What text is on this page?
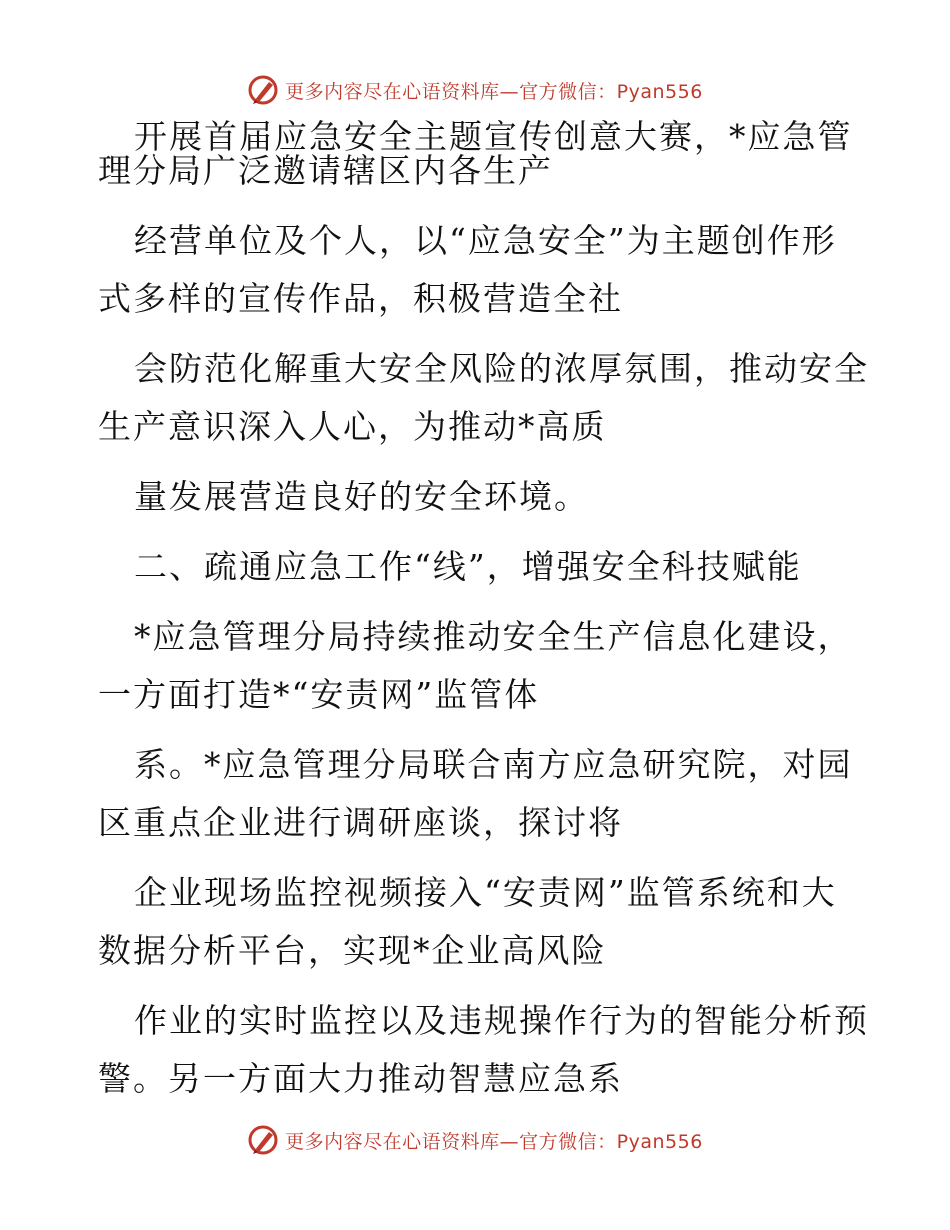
更多内容尽在心语资料库—官方微信：Pyan556

开展首届应急安全主题宣传创意大赛，*应急管

理分局广泛邀请辖区内各生产

经营单位及个人，以“应急安全”为主题创作形

式多样的宣传作品，积极营造全社

会防范化解重大安全风险的浓厚氛围，推动安全

生产意识深入人心，为推动*高质

量发展营造良好的安全环境。

二、疏通应急工作“线”，增强安全科技赋能

*应急管理分局持续推动安全生产信息化建设，

一方面打造*“安责网”监管体

系。*应急管理分局联合南方应急研究院，对园

区重点企业进行调研座谈，探讨将

企业现场监控视频接入“安责网”监管系统和大

数据分析平台，实现*企业高风险

作业的实时监控以及违规操作行为的智能分析预

警。另一方面大力推动智慧应急系

更多内容尽在心语资料库—官方微信：Pyan556
